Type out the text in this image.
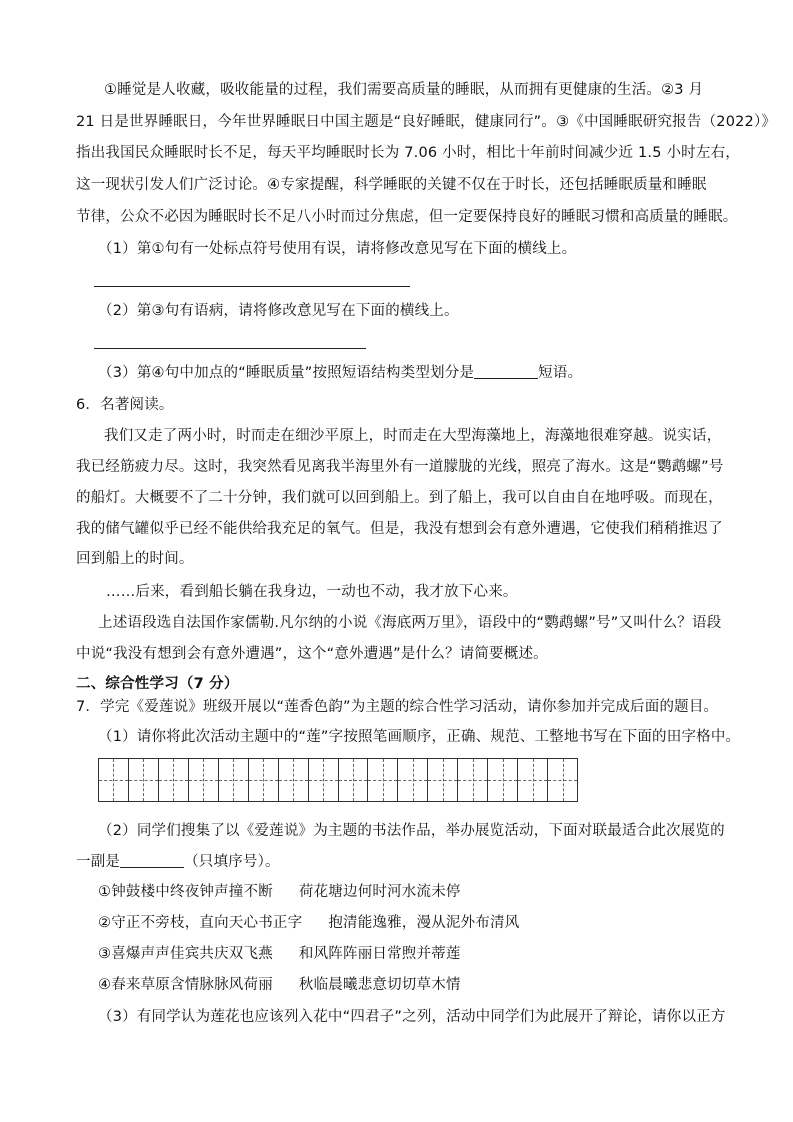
①睡觉是人收藏，吸收能量的过程，我们需要高质量的睡眠，从而拥有更健康的生活。②3 月
21 日是世界睡眠日，今年世界睡眠日中国主题是“良好睡眠，健康同行”。③《中国睡眠研究报告（2022）》
指出我国民众睡眠时长不足，每天平均睡眠时长为 7.06 小时，相比十年前时间减少近 1.5 小时左右，
这一现状引发人们广泛讨论。④专家提醒，科学睡眠的关键不仅在于时长，还包括睡眠质量和睡眠
节律，公众不必因为睡眠时长不足八小时而过分焦虑，但一定要保持良好的睡眠习惯和高质量的睡眠。
（1）第①句有一处标点符号使用有误，请将修改意见写在下面的横线上。
（2）第③句有语病，请将修改意见写在下面的横线上。
（3）第④句中加点的“睡眠质量”按照短语结构类型划分是	短语。
6．名著阅读。
我们又走了两小时，时而走在细沙平原上，时而走在大型海藻地上，海藻地很难穿越。说实话，
我已经筋疲力尽。这时，我突然看见离我半海里外有一道朦胧的光线，照亮了海水。这是“鹦鹉螺”号
的船灯。大概要不了二十分钟，我们就可以回到船上。到了船上，我可以自由自在地呼吸。而现在，
我的储气罐似乎已经不能供给我充足的氧气。但是，我没有想到会有意外遭遇，它使我们稍稍推迟了
回到船上的时间。
……后来，看到船长躺在我身边，一动也不动，我才放下心来。
上述语段选自法国作家儒勒.凡尔纳的小说《海底两万里》，语段中的“鹦鹉螺”号”又叫什么？语段
中说“我没有想到会有意外遭遇”，这个“意外遭遇”是什么？请简要概述。
二、综合性学习（7 分）
7．学完《爱莲说》班级开展以“莲香色韵”为主题的综合性学习活动，请你参加并完成后面的题目。
（1）请你将此次活动主题中的“莲”字按照笔画顺序，正确、规范、工整地书写在下面的田字格中。
（2）同学们搜集了以《爱莲说》为主题的书法作品，举办展览活动，下面对联最适合此次展览的
一副是	（只填序号）。
①钟鼓楼中终夜钟声撞不断 荷花塘边何时河水流未停
②守正不旁枝，直向天心书正字 抱清能逸雅，漫从泥外布清风
③喜爆声声佳宾共庆双飞燕 和风阵阵丽日常煦并蒂莲
④春来草原含情脉脉风荷丽 秋临晨曦悲意切切草木情
（3）有同学认为莲花也应该列入花中“四君子”之列，活动中同学们为此展开了辩论，请你以正方
